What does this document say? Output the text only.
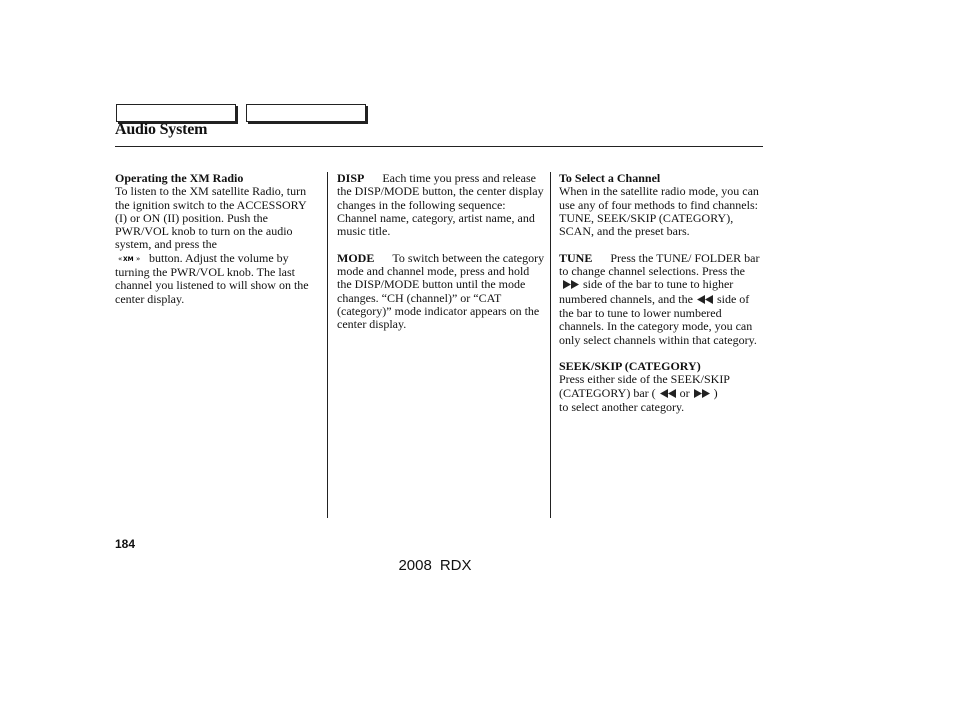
Audio System
Operating the XM Radio
To listen to the XM satellite Radio, turn the ignition switch to the ACCESSORY (I) or ON (II) position. Push the PWR/VOL knob to turn on the audio system, and press the

« XM » button. Adjust the volume by turning the PWR/VOL knob. The last channel you listened to will show on the center display.

DISP Each time you press and release the DISP/MODE button, the center display changes in the following sequence: Channel name, category, artist name, and music title.

MODE To switch between the category mode and channel mode, press and hold the DISP/MODE button until the mode changes. “CH (channel)” or “CAT (category)” mode indicator appears on the center display.

To Select a Channel

When in the satellite radio mode, you can use any of four methods to find channels: TUNE, SEEK/SKIP (CATEGORY), SCAN, and the preset bars.

TUNE Press the TUNE/ FOLDER bar to change channel selections. Press theside of the bar to tune to higher numbered channels, and the side of the bar to tune to lower numbered channels. In the category mode, you can only select channels within that category.

SEEK/SKIP (CATEGORY)
Press either side of the SEEK/SKIP (CATEGORY) bar ( or )
to select another category.
184
2008 RDX
